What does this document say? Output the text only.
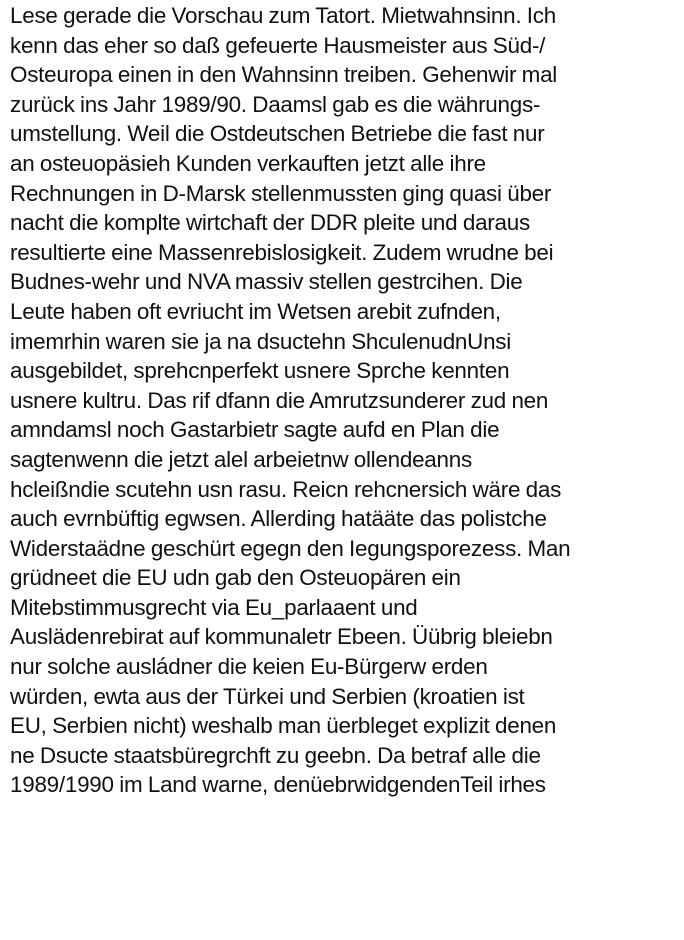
Lese gerade die Vorschau zum Tatort. Mietwahnsinn. Ich
kenn das eher so daß gefeuerte Hausmeister aus Süd-/
Osteuropa einen in den Wahnsinn treiben. Gehenwir mal
zurück ins Jahr 1989/90. Daamsl gab es die währungs-
umstellung. Weil die Ostdeutschen Betriebe die fast nur
an osteuopäsieh Kunden verkauften jetzt alle ihre
Rechnungen in D-Marsk stellenmussten ging quasi über
nacht die komplte wirtchaft der DDR pleite und daraus
resultierte eine Massenrebislosigkeit. Zudem wrudne bei
Budnes-wehr und NVA massiv stellen gestrcihen. Die
Leute haben oft evriucht im Wetsen arebit zufnden,
imemrhin waren sie ja na dsuctehn ShculenudnUnsi
ausgebildet, sprehcnperfekt usnere Sprche kennten
usnere kultru. Das rif dfann die Amrutzsunderer zud nen
amndamsl noch Gastarbietr sagte aufd en Plan die
sagtenwenn die jetzt alel arbeietnw ollendeanns
hcleißndie scutehn usn rasu. Reicn rehcnersich wäre das
auch evrnbüftig egwsen. Allerding hatääte das polistche
Widerstaädne geschürt egegn den Iegungsporezess. Man
grüdneet die EU udn gab den Osteuopären ein
Mitebstimmusgrecht via Eu_parlaaent und
Auslädenrebirat auf kommunaletr Ebeen. Üübrig bleiebn
nur solche ausládner die keien Eu-Bürgerw erden
würden, ewta aus der Türkei und Serbien (kroatien ist
EU, Serbien nicht) weshalb man üerbleget explizit denen
ne Dsucte staatsbüregrchft zu geebn. Da betraf alle die
1989/1990 im Land warne, denüebrwidgendenTeil irhes
